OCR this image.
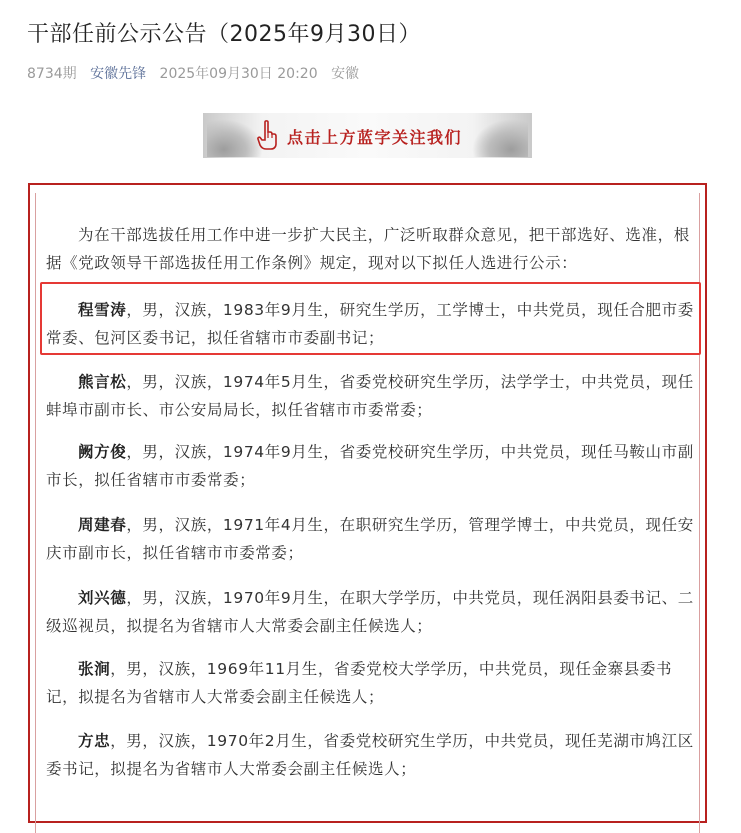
干部任前公示公告（2025年9月30日）
8734期 安徽先锋 2025年09月30日 20:20 安徽
点击上方蓝字关注我们

为在干部选拔任用工作中进一步扩大民主，广泛听取群众意见，把干部选好、选准，根据《党政领导干部选拔任用工作条例》规定，现对以下拟任人选进行公示：

程雪涛，男，汉族，1983年9月生，研究生学历，工学博士，中共党员，现任合肥市委常委、包河区委书记，拟任省辖市市委副书记；

熊言松，男，汉族，1974年5月生，省委党校研究生学历，法学学士，中共党员，现任蚌埠市副市长、市公安局局长，拟任省辖市市委常委；

阙方俊，男，汉族，1974年9月生，省委党校研究生学历，中共党员，现任马鞍山市副市长，拟任省辖市市委常委；

周建春，男，汉族，1971年4月生，在职研究生学历，管理学博士，中共党员，现任安庆市副市长，拟任省辖市市委常委；

刘兴德，男，汉族，1970年9月生，在职大学学历，中共党员，现任涡阳县委书记、二级巡视员，拟提名为省辖市人大常委会副主任候选人；

张涧，男，汉族，1969年11月生，省委党校大学学历，中共党员，现任金寨县委书记，拟提名为省辖市人大常委会副主任候选人；

方忠，男，汉族，1970年2月生，省委党校研究生学历，中共党员，现任芜湖市鸠江区委书记，拟提名为省辖市人大常委会副主任候选人；
